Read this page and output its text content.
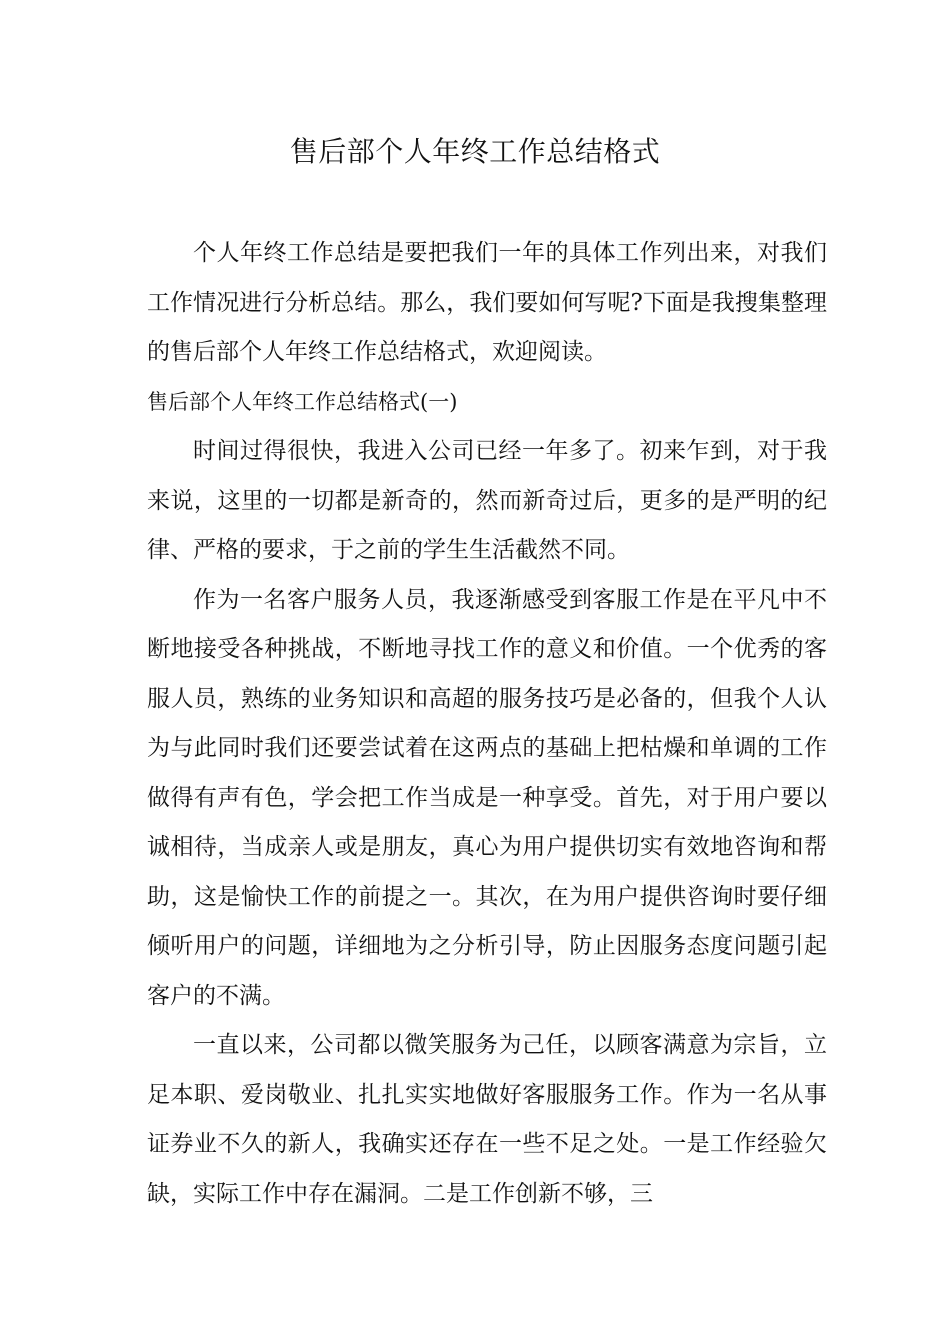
售后部个人年终工作总结格式

个人年终工作总结是要把我们一年的具体工作列出来，对我们工作情况进行分析总结。那么，我们要如何写呢?下面是我搜集整理的售后部个人年终工作总结格式，欢迎阅读。

售后部个人年终工作总结格式(一)

时间过得很快，我进入公司已经一年多了。初来乍到，对于我来说，这里的一切都是新奇的，然而新奇过后，更多的是严明的纪律、严格的要求，于之前的学生生活截然不同。

作为一名客户服务人员，我逐渐感受到客服工作是在平凡中不断地接受各种挑战，不断地寻找工作的意义和价值。一个优秀的客服人员，熟练的业务知识和高超的服务技巧是必备的，但我个人认为与此同时我们还要尝试着在这两点的基础上把枯燥和单调的工作做得有声有色，学会把工作当成是一种享受。首先，对于用户要以诚相待，当成亲人或是朋友，真心为用户提供切实有效地咨询和帮助，这是愉快工作的前提之一。其次，在为用户提供咨询时要仔细倾听用户的问题，详细地为之分析引导，防止因服务态度问题引起客户的不满。

一直以来，公司都以微笑服务为己任，以顾客满意为宗旨，立足本职、爱岗敬业、扎扎实实地做好客服服务工作。作为一名从事证券业不久的新人，我确实还存在一些不足之处。一是工作经验欠缺，实际工作中存在漏洞。二是工作创新不够，三
